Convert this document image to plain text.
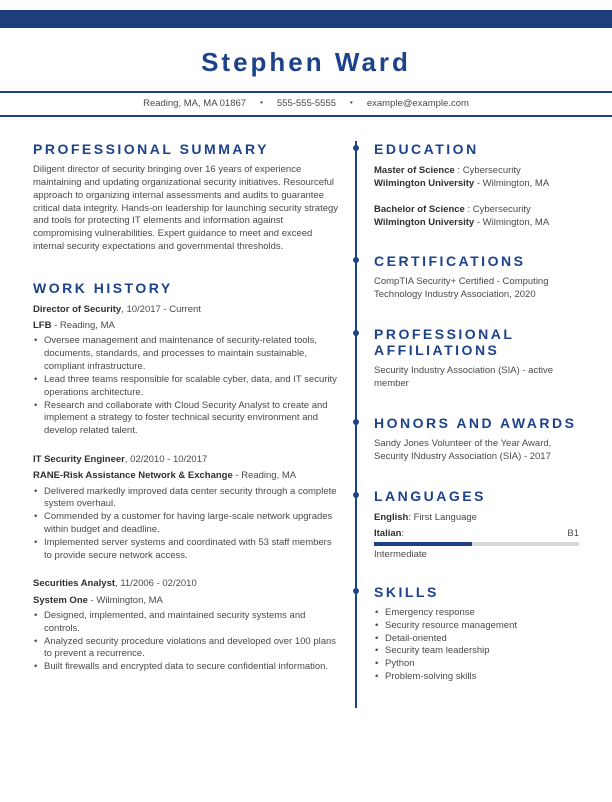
Stephen Ward
Reading, MA, MA 01867 • 555-555-5555 • example@example.com
PROFESSIONAL SUMMARY

Diligent director of security bringing over 16 years of experience maintaining and updating organizational security initiatives. Resourceful approach to organizing internal assessments and audits to guarantee critical data integrity. Hands-on leadership for launching security strategy and tools for protecting IT elements and information against compromising vulnerabilities. Expert guidance to meet and exceed internal security expectations and governmental thresholds.

WORK HISTORY
Director of Security, 10/2017 - Current
LFB - Reading, MA
• Oversee management and maintenance of security-related tools, documents, standards, and processes to maintain sustainable, compliant infrastructure.
• Lead three teams responsible for scalable cyber, data, and IT security operations architecture.
• Research and collaborate with Cloud Security Analyst to create and implement a strategy to foster technical security environment and develop related talent.
IT Security Engineer, 02/2010 - 10/2017
RANE-Risk Assistance Network & Exchange - Reading, MA
• Delivered markedly improved data center security through a complete system overhaul.
• Commended by a customer for having large-scale network upgrades within budget and deadline.
• Implemented server systems and coordinated with 53 staff members to provide secure network access.
Securities Analyst, 11/2006 - 02/2010
System One - Wilmington, MA
• Designed, implemented, and maintained security systems and controls.
• Analyzed security procedure violations and developed over 100 plans to prevent a recurrence.
• Built firewalls and encrypted data to secure confidential information.
EDUCATION
Master of Science : Cybersecurity
Wilmington University - Wilmington, MA
Bachelor of Science : Cybersecurity
Wilmington University - Wilmington, MA
CERTIFICATIONS

CompTIA Security+ Certified - Computing Technology Industry Association, 2020

PROFESSIONAL AFFILIATIONS

Security Industry Association (SIA) - active member

HONORS AND AWARDS

Sandy Jones Volunteer of the Year Award, Security INdustry Association (SIA) - 2017

LANGUAGES
English: First Language
Italian:	B1
Intermediate
SKILLS
• Emergency response
• Security resource management
• Detail-oriented
• Security team leadership
• Python
• Problem-solving skills
